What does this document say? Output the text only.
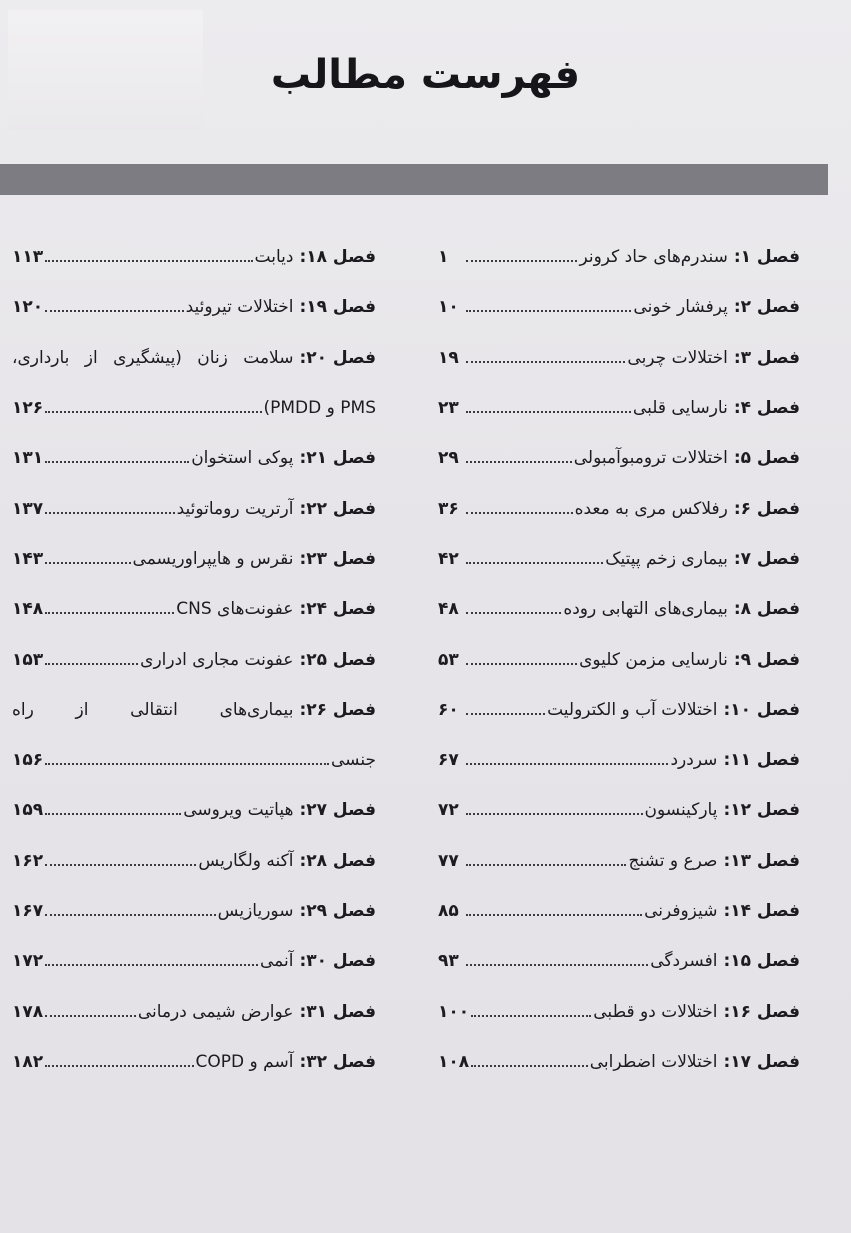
فهرست مطالب
فصل ۱:
سندرم‌های حاد کرونر
۱
فصل ۲:
پرفشار خونی
۱۰
فصل ۳:
اختلالات چربی
۱۹
فصل ۴:
نارسایی قلبی
۲۳
فصل ۵:
اختلالات ترومبوآمبولی
۲۹
فصل ۶:
رفلاکس مری به معده
۳۶
فصل ۷:
بیماری زخم پپتیک
۴۲
فصل ۸:
بیماری‌های التهابی روده
۴۸
فصل ۹:
نارسایی مزمن کلیوی
۵۳
فصل ۱۰:
اختلالات آب و الکترولیت
۶۰
فصل ۱۱:
سردرد
۶۷
فصل ۱۲:
پارکینسون
۷۲
فصل ۱۳:
صرع و تشنج
۷۷
فصل ۱۴:
شیزوفرنی
۸۵
فصل ۱۵:
افسردگی
۹۳
فصل ۱۶:
اختلالات دو قطبی
۱۰۰
فصل ۱۷:
اختلالات اضطرابی
۱۰۸
فصل ۱۸:
دیابت
۱۱۳
فصل ۱۹:
اختلالات تیروئید
۱۲۰
فصل ۲۰:
سلامت زنان (پیشگیری از بارداری،
PMS و PMDD)
۱۲۶
فصل ۲۱:
پوکی استخوان
۱۳۱
فصل ۲۲:
آرتریت روماتوئید
۱۳۷
فصل ۲۳:
نقرس و هایپراوریسمی
۱۴۳
فصل ۲۴:
عفونت‌های CNS
۱۴۸
فصل ۲۵:
عفونت مجاری ادراری
۱۵۳
فصل ۲۶:
بیماری‌های انتقالی از راه
جنسی
۱۵۶
فصل ۲۷:
هپاتیت ویروسی
۱۵۹
فصل ۲۸:
آکنه ولگاریس
۱۶۲
فصل ۲۹:
سوریازیس
۱۶۷
فصل ۳۰:
آنمی
۱۷۲
فصل ۳۱:
عوارض شیمی درمانی
۱۷۸
فصل ۳۲:
آسم و COPD
۱۸۲
